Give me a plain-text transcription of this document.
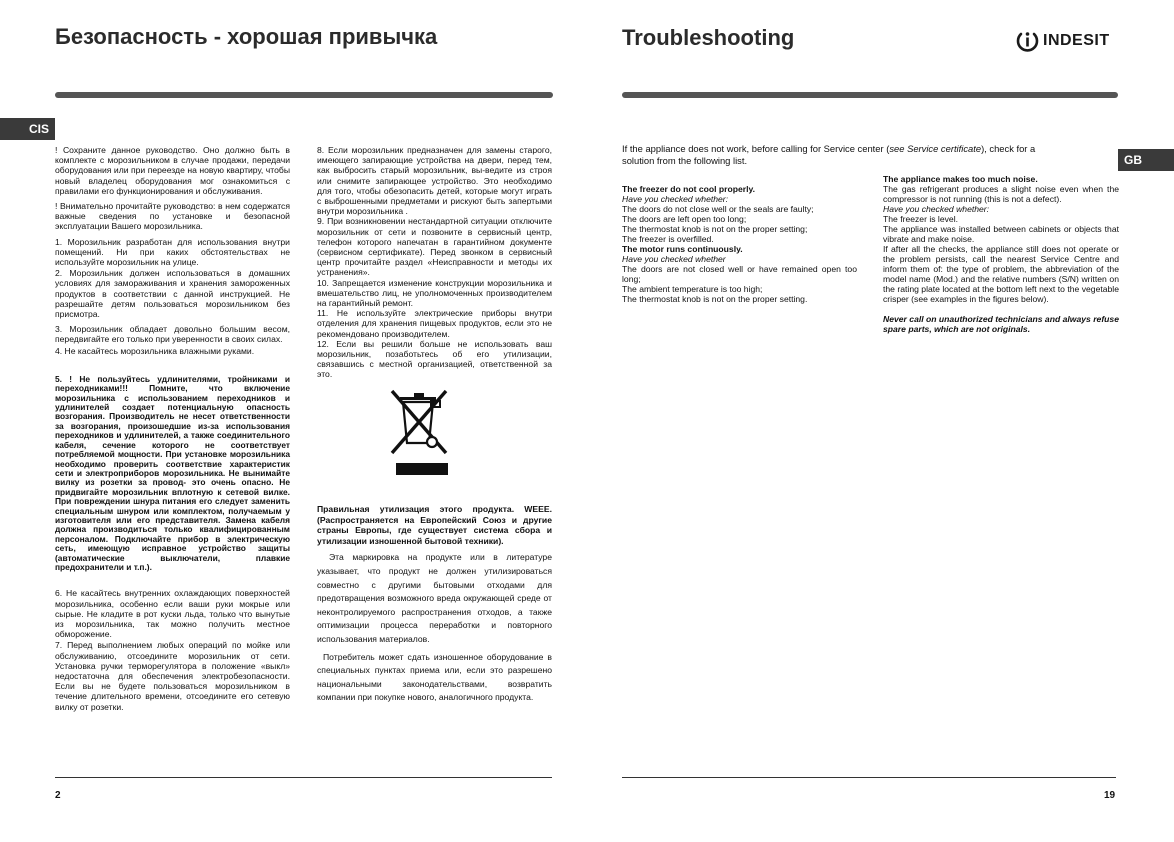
Безопасность - хорошая привычка
CIS

! Сохраните данное руководство. Оно должно быть в комплекте с морозильником в случае продажи, передачи оборудования или при переезде на новую квартиру, чтобы новый владелец оборудования мог ознакомиться с правилами его функционирования и обслуживания.

! Внимательно прочитайте руководство: в нем содержатся важные сведения по установке и безопасной эксплуатации Вашего морозильника.

1. Морозильник разработан для использования внутри помещений. Ни при каких обстоятельствах не используйте морозильник на улице.

2. Морозильник должен использоваться в домашних условиях для замораживания и хранения замороженных продуктов в соответствии с данной инструкцией. Не разрешайте детям пользоваться морозильником без присмотра.

3. Морозильник обладает довольно большим весом, передвигайте его только при уверенности в своих силах.

4. Не касайтесь морозильника влажными руками.

5. ! Не пользуйтесь удлинителями, тройниками и переходниками!!! Помните, что включение морозильника с использованием переходников и удлинителей создает потенциальную опасность возгорания. Производитель не несет ответственности за возгорания, произошедшие из-за использования переходников и удлинителей, а также соединительного кабеля, сечение которого не соответствует потребляемой мощности. При установке морозильника необходимо проверить соответствие характеристик сети и электроприборов морозильника. Не вынимайте вилку из розетки за провод- это очень опасно. Не придвигайте морозильник вплотную к сетевой вилке. При повреждении шнура питания его следует заменить специальным шнуром или комплектом, получаемым у изготовителя или его представителя. Замена кабеля должна производиться только квалифицированным персоналом. Подключайте прибор в электрическую сеть, имеющую исправное устройство защиты (автоматические выключатели, плавкие предохранители и т.п.).

6. Не касайтесь внутренних охлаждающих поверхностей морозильника, особенно если ваши руки мокрые или сырые. Не кладите в рот куски льда, только что вынутые из морозильника, так можно получить местное обморожение.

7. Перед выполнением любых операций по мойке или обслуживанию, отсоедините морозильник от сети. Установка ручки терморегулятора в положение «выкл» недостаточна для обеспечения электробезопасности. Если вы не будете пользоваться морозильником в течение длительного времени, отсоедините его сетевую вилку от розетки.

8. Если морозильник предназначен для замены старого, имеющего запирающие устройства на двери, перед тем, как выбросить старый морозильник, вы-ведите из строя или снимите запирающее устройство. Это необходимо для того, чтобы обезопасить детей, которые могут играть с выброшенными предметами и рискуют быть запертыми внутри морозильника .

9. При возникновении нестандартной ситуации отключите морозильник от сети и позвоните в сервисный центр, телефон которого напечатан в гарантийном документе (сервисном сертификате). Перед звонком в сервисный центр прочитайте раздел «Неисправности и методы их устранения».

10. Запрещается изменение конструкции морозильника и вмешательство лиц, не уполномоченных производителем на гарантийный ремонт.

11. Не используйте электрические приборы внутри отделения для хранения пищевых продуктов, если это не рекомендовано производителем.

12. Если вы решили больше не использовать ваш морозильник, позаботьтесь об его утилизации, связавшись с местной организацией, ответственной за это.

Правильная утилизация этого продукта. WEEE. (Распространяется на Европейский Союз и другие страны Европы, где существует система сбора и утилизации изношенной бытовой техники).

Эта маркировка на продукте или в литературе указывает, что продукт не должен утилизироваться совместно с другими бытовыми отходами для предотвращения возможного вреда окружающей среде от неконтролируемого распространения отходов, а также оптимизации процесса переработки и повторного использования материалов.

Потребитель может сдать изношенное оборудование в специальных пунктах приема или, если это разрешено национальными законодательствами, возвратить компании при покупке нового, аналогичного продукта.

2
Troubleshooting	INDESIT
GB
If the appliance does not work, before calling for Service center (see Service certificate), check for a solution from the following list.
The freezer do not cool properly.
Have you checked whether:
The doors do not close well or the seals are faulty;
The doors are left open too long;
The thermostat knob is not on the proper setting;
The freezer is overfilled.
The motor runs continuously.
Have you checked whether
The doors are not closed well or have remained open too long;
The ambient temperature is too high;
The thermostat knob is not on the proper setting.
The appliance makes too much noise.
The gas refrigerant produces a slight noise even when the compressor is not running (this is not a defect).
Have you checked whether:
The freezer is level.
The appliance was installed between cabinets or objects that vibrate and make noise.
If after all the checks, the appliance still does not operate or the problem persists, call the nearest Service Centre and inform them of: the type of problem, the abbreviation of the model name (Mod.) and the relative numbers (S/N) written on the rating plate located at the bottom left next to the vegetable crisper (see examples in the figures below).
Never call on unauthorized technicians and always refuse spare parts, which are not originals.
19
